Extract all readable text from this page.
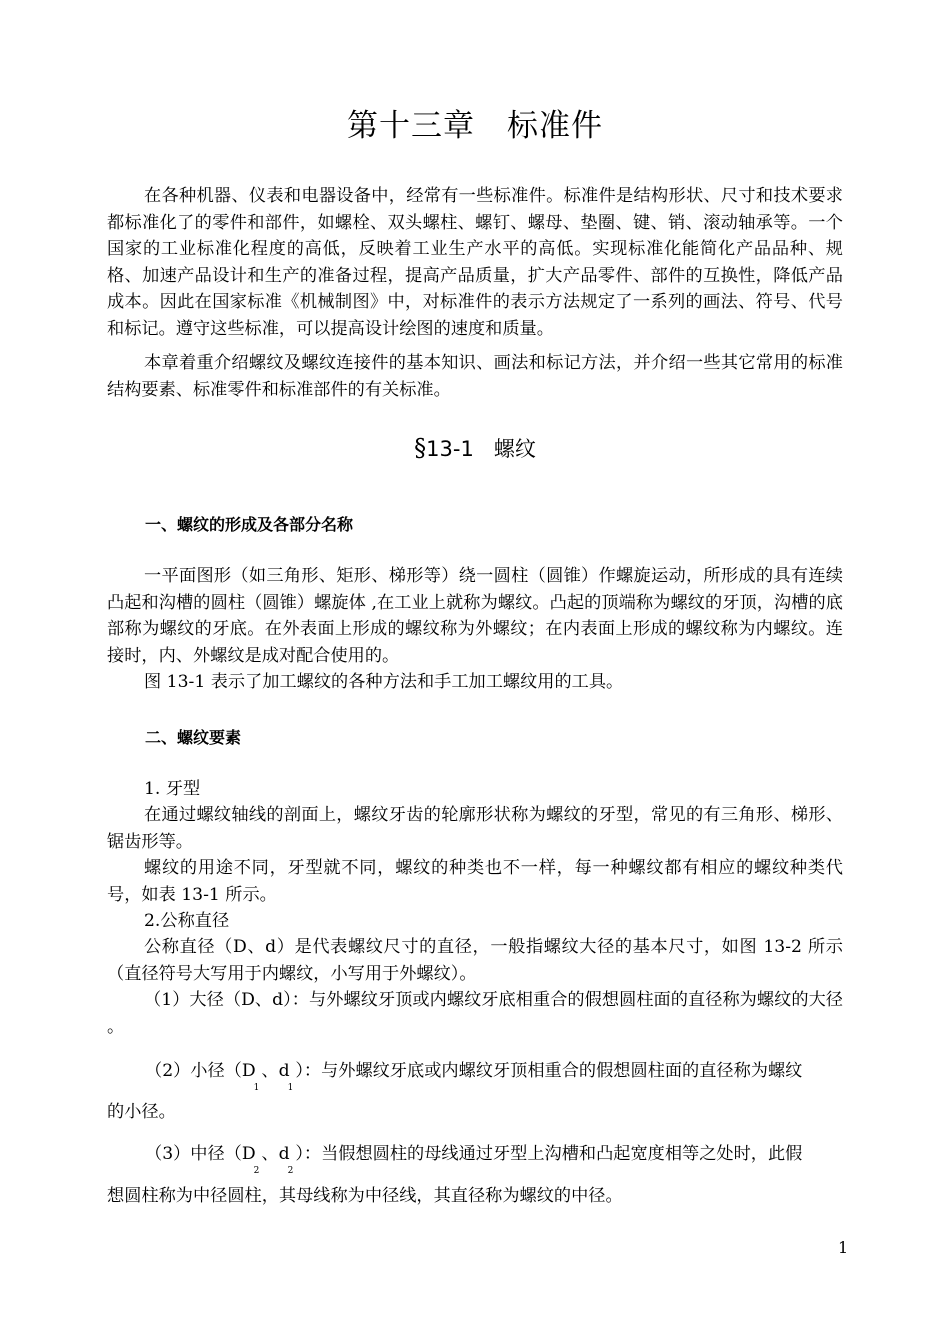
第十三章　标准件

在各种机器、仪表和电器设备中，经常有一些标准件。标准件是结构形状、尺寸和技术要求都标准化了的零件和部件，如螺栓、双头螺柱、螺钉、螺母、垫圈、键、销、滚动轴承等。一个国家的工业标准化程度的高低，反映着工业生产水平的高低。实现标准化能简化产品品种、规格、加速产品设计和生产的准备过程，提高产品质量，扩大产品零件、部件的互换性，降低产品成本。因此在国家标准《机械制图》中，对标准件的表示方法规定了一系列的画法、符号、代号和标记。遵守这些标准，可以提高设计绘图的速度和质量。

本章着重介绍螺纹及螺纹连接件的基本知识、画法和标记方法，并介绍一些其它常用的标准结构要素、标准零件和标准部件的有关标准。

§13-1 螺纹
一、螺纹的形成及各部分名称

一平面图形（如三角形、矩形、梯形等）绕一圆柱（圆锥）作螺旋运动，所形成的具有连续凸起和沟槽的圆柱（圆锥）螺旋体 ,在工业上就称为螺纹。凸起的顶端称为螺纹的牙顶，沟槽的底部称为螺纹的牙底。在外表面上形成的螺纹称为外螺纹；在内表面上形成的螺纹称为内螺纹。连接时，内、外螺纹是成对配合使用的。

图 13-1 表示了加工螺纹的各种方法和手工加工螺纹用的工具。

二、螺纹要素

1. 牙型

在通过螺纹轴线的剖面上，螺纹牙齿的轮廓形状称为螺纹的牙型，常见的有三角形、梯形、锯齿形等。

螺纹的用途不同，牙型就不同，螺纹的种类也不一样，每一种螺纹都有相应的螺纹种类代号，如表 13-1 所示。

2.公称直径

公称直径（D、d）是代表螺纹尺寸的直径，一般指螺纹大径的基本尺寸，如图 13-2 所示（直径符号大写用于内螺纹，小写用于外螺纹）。

（1）大径（D、d）：与外螺纹牙顶或内螺纹牙底相重合的假想圆柱面的直径称为螺纹的大径 。

（2）小径（$D_1$、$d_1$）：与外螺纹牙底或内螺纹牙顶相重合的假想圆柱面的直径称为螺纹
的小径。
（3）中径（$D_2$、$d_2$）：当假想圆柱的母线通过牙型上沟槽和凸起宽度相等之处时，此假
想圆柱称为中径圆柱，其母线称为中径线，其直径称为螺纹的中径。
1
